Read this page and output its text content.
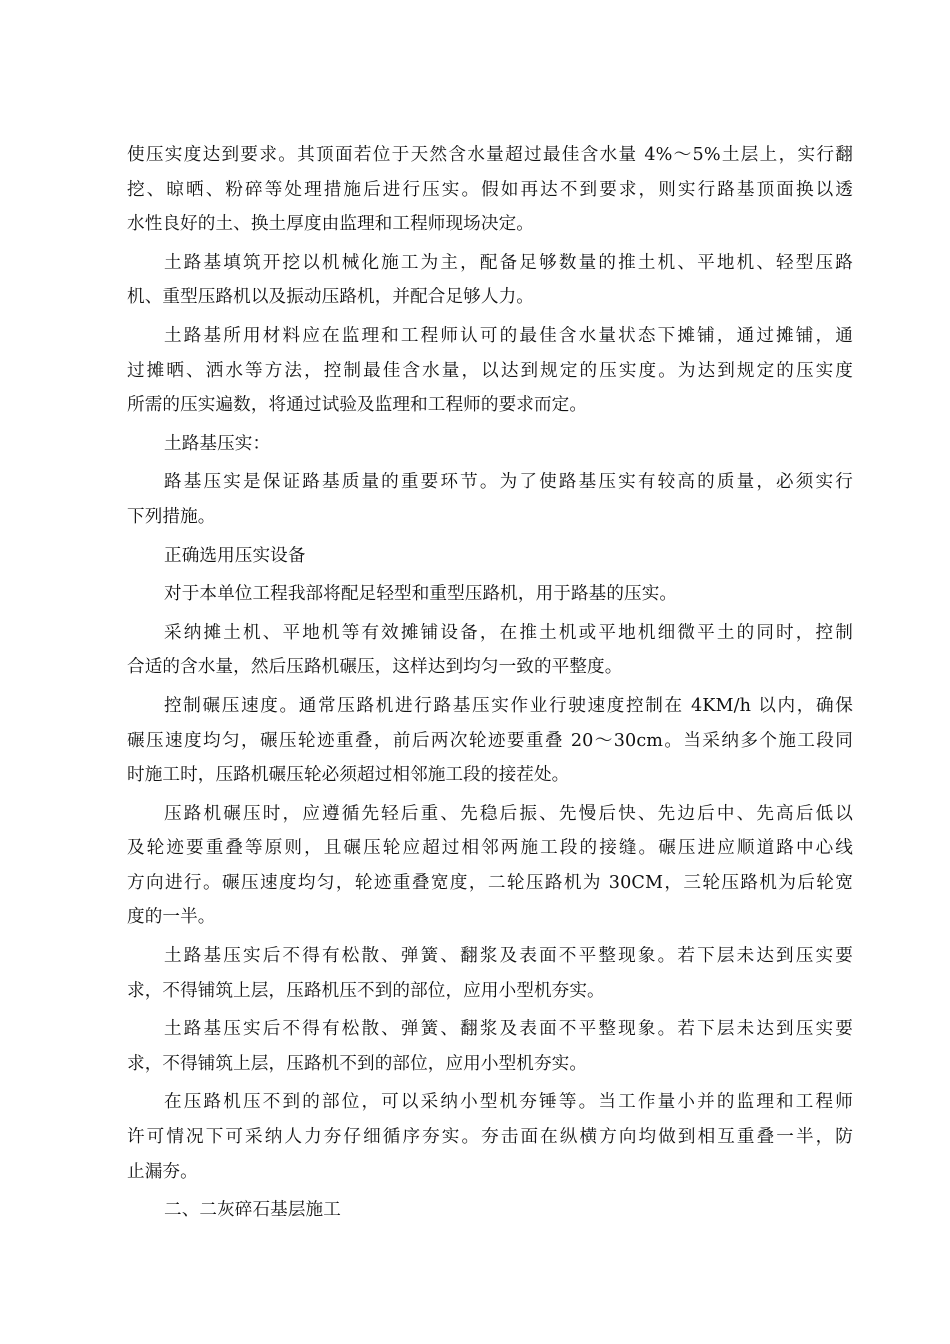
使压实度达到要求。其顶面若位于天然含水量超过最佳含水量 4%～5%土层上，实行翻
挖、晾晒、粉碎等处理措施后进行压实。假如再达不到要求，则实行路基顶面换以透
水性良好的土、换土厚度由监理和工程师现场决定。

土路基填筑开挖以机械化施工为主，配备足够数量的推土机、平地机、轻型压路
机、重型压路机以及振动压路机，并配合足够人力。

土路基所用材料应在监理和工程师认可的最佳含水量状态下摊铺，通过摊铺，通
过摊晒、洒水等方法，控制最佳含水量，以达到规定的压实度。为达到规定的压实度
所需的压实遍数，将通过试验及监理和工程师的要求而定。

土路基压实：

路基压实是保证路基质量的重要环节。为了使路基压实有较高的质量，必须实行
下列措施。

正确选用压实设备

对于本单位工程我部将配足轻型和重型压路机，用于路基的压实。

采纳摊土机、平地机等有效摊铺设备，在推土机或平地机细微平土的同时，控制
合适的含水量，然后压路机碾压，这样达到均匀一致的平整度。

控制碾压速度。通常压路机进行路基压实作业行驶速度控制在 4KM/h 以内，确保
碾压速度均匀，碾压轮迹重叠，前后两次轮迹要重叠 20～30cm。当采纳多个施工段同
时施工时，压路机碾压轮必须超过相邻施工段的接茬处。

压路机碾压时，应遵循先轻后重、先稳后振、先慢后快、先边后中、先高后低以
及轮迹要重叠等原则，且碾压轮应超过相邻两施工段的接缝。碾压进应顺道路中心线
方向进行。碾压速度均匀，轮迹重叠宽度，二轮压路机为 30CM，三轮压路机为后轮宽
度的一半。

土路基压实后不得有松散、弹簧、翻浆及表面不平整现象。若下层未达到压实要
求，不得铺筑上层，压路机压不到的部位，应用小型机夯实。

土路基压实后不得有松散、弹簧、翻浆及表面不平整现象。若下层未达到压实要
求，不得铺筑上层，压路机不到的部位，应用小型机夯实。

在压路机压不到的部位，可以采纳小型机夯锤等。当工作量小并的监理和工程师
许可情况下可采纳人力夯仔细循序夯实。夯击面在纵横方向均做到相互重叠一半，防
止漏夯。

二、二灰碎石基层施工
